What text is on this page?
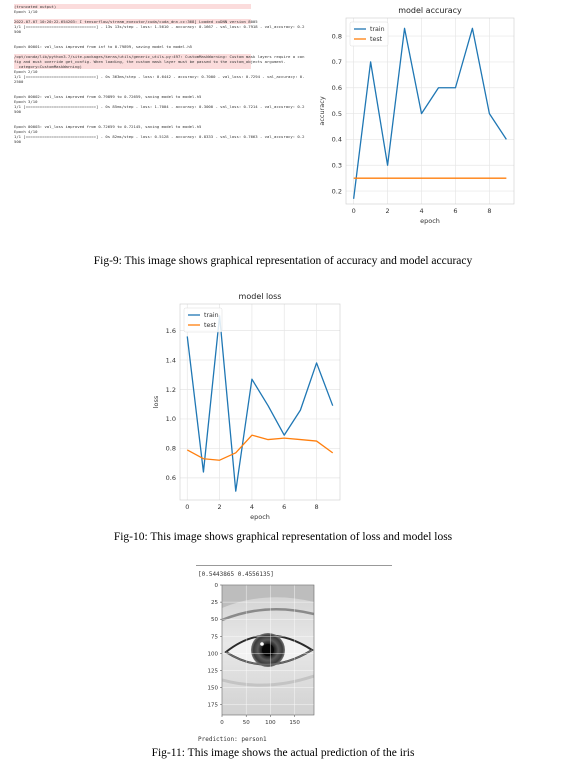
(truncated output)
Epoch 1/10
2022-07-07 10:20:22.654203: I tensorflow/stream_executor/cuda/cuda_dnn.cc:368] Loaded cuDNN version 8005
1/1 [==============================] - 13s 13s/step - loss: 1.5610 - accuracy: 0.1667 - val_loss: 0.7918 - val_accuracy: 0.2
500
Epoch 00001: val_loss improved from inf to 0.79899, saving model to model.h5
/opt/conda/lib/python3.7/site-packages/keras/utils/generic_utils.py:497: CustomMaskWarning: Custom mask layers require a con
fig and must override get_config. When loading, the custom mask layer must be passed to the custom_objects argument.
category=CustomMaskWarning)
Epoch 2/10
1/1 [==============================] - 0s 363ms/step - loss: 0.6442 - accuracy: 0.7000 - val_loss: 0.7294 - val_accuracy: 0.
2500
Epoch 00002: val_loss improved from 0.79899 to 0.72659, saving model to model.h5
Epoch 3/10
1/1 [==============================] - 0s 85ms/step - loss: 1.7004 - accuracy: 0.3000 - val_loss: 0.7214 - val_accuracy: 0.2
500
Epoch 00003: val_loss improved from 0.72659 to 0.72145, saving model to model.h5
Epoch 4/10
1/1 [==============================] - 0s 82ms/step - loss: 0.5128 - accuracy: 0.8333 - val_loss: 0.7663 - val_accuracy: 0.2
500
0.2
0.3
0.4
0.5
0.6
0.7
0.8
0	2	4	6	8
model accuracy
epoch
accuracy
train
test
Fig-9: This image shows graphical representation of accuracy and model accuracy
0.6
0.8
1.0
1.2
1.4
1.6
0	2	4	6	8
model loss
epoch
loss
train
test
Fig-10: This image shows graphical representation of loss and model loss
[0.5443865 0.4556135]
0
25
50
75
100
125
150
175
0	50	100 150
Prediction: person1
Fig-11: This image shows the actual prediction of the iris
